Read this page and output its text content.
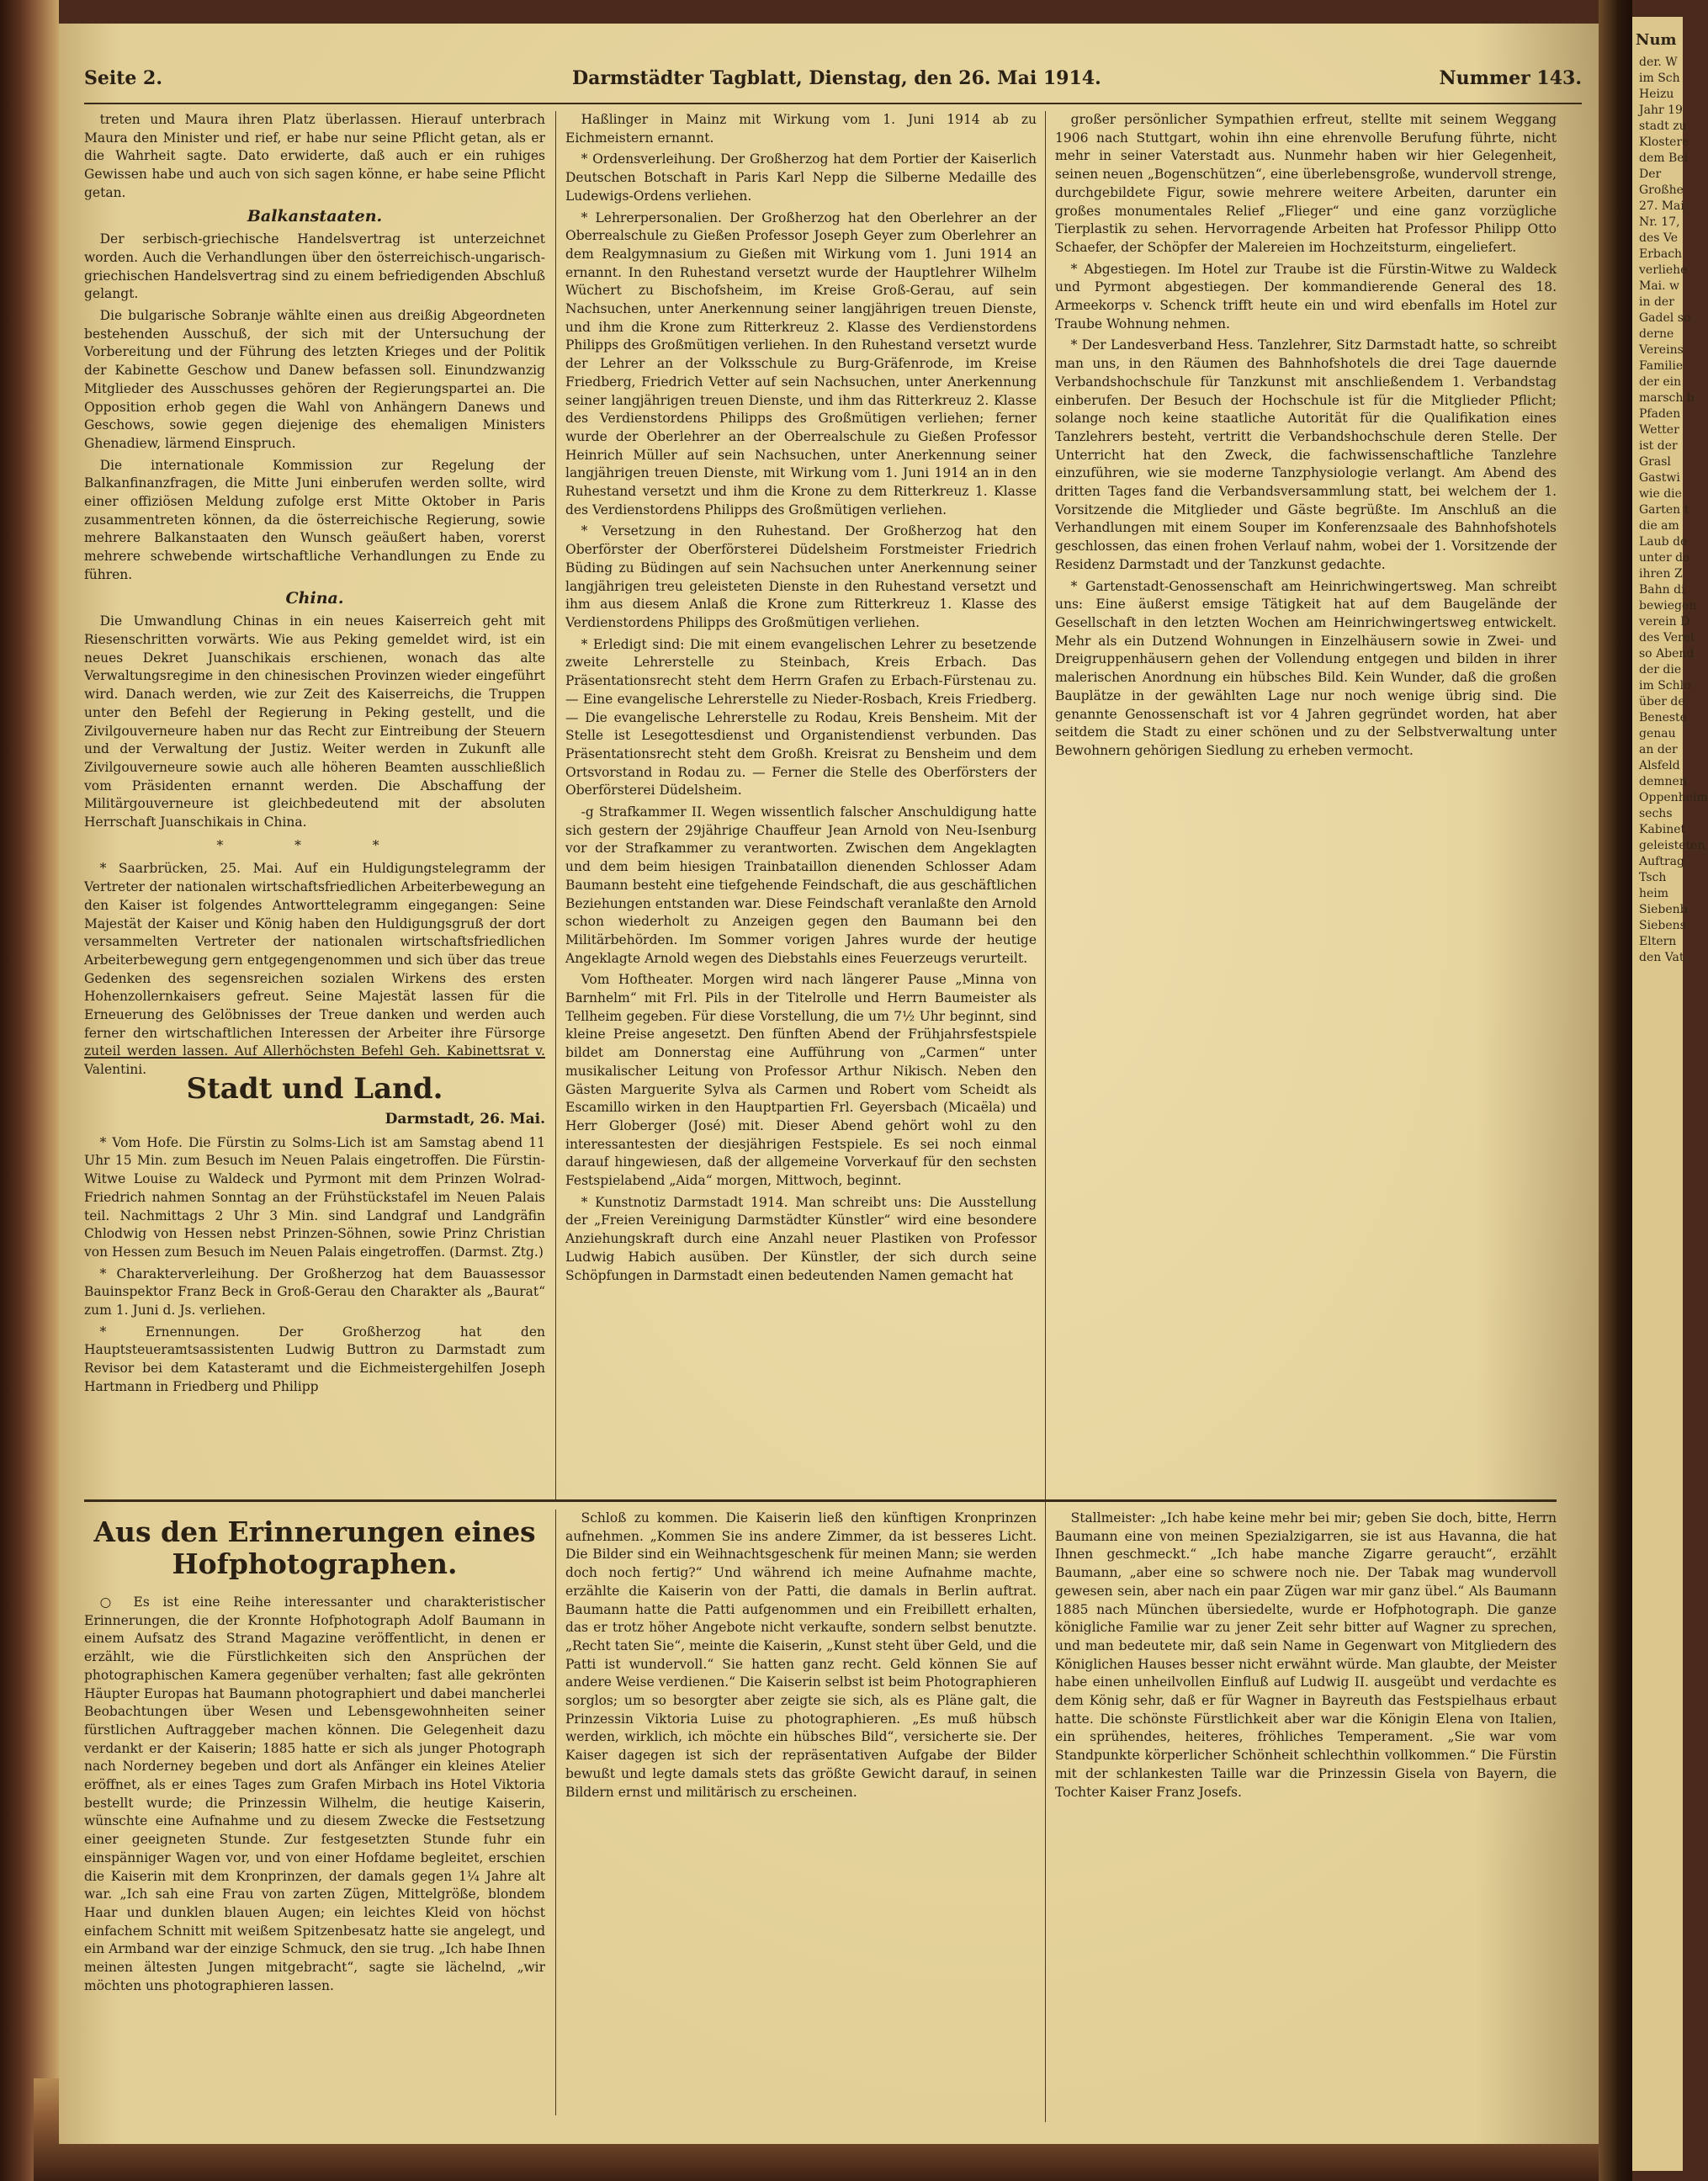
Num
der. W
im Sch
Heizu
Jahr 19
stadt zu
Klostere
dem Bei
Der
Großhe
27. Mai
Nr. 17,
des Ve
Erbach
verliehe
Mai. w
in der
Gadel so
derne
Vereins
Familie
der ein
marsch b
Pfaden
Wetter
ist der
Grasl
Gastwi
wie die
Garten t
die am
Laub de
unter de
ihren Z
Bahn di
bewiegen
verein D
des Verei
so Abend
der die
im Schlo
über de
Beneste
genau
an der
Alsfeld
demnen
Oppenheim
sechs
Kabinet
geleisteten
Auftrag
Tsch
heim
Siebenb
Siebens
Eltern
den Vat
Seite 2.	Darmstädter Tagblatt, Dienstag, den 26. Mai 1914.	Nummer 143.

treten und Maura ihren Platz überlassen. Hierauf unterbrach Maura den Minister und rief, er habe nur seine Pflicht getan, als er die Wahrheit sagte. Dato erwiderte, daß auch er ein ruhiges Gewissen habe und auch von sich sagen könne, er habe seine Pflicht getan.

Balkanstaaten.

Der serbisch-griechische Handelsvertrag ist unterzeichnet worden. Auch die Verhandlungen über den österreichisch-ungarisch-griechischen Handelsvertrag sind zu einem befriedigenden Abschluß gelangt.

Die bulgarische Sobranje wählte einen aus dreißig Abgeordneten bestehenden Ausschuß, der sich mit der Untersuchung der Vorbereitung und der Führung des letzten Krieges und der Politik der Kabinette Geschow und Danew befassen soll. Einundzwanzig Mitglieder des Ausschusses gehören der Regierungspartei an. Die Opposition erhob gegen die Wahl von Anhängern Danews und Geschows, sowie gegen diejenige des ehemaligen Ministers Ghenadiew, lärmend Einspruch.

Die internationale Kommission zur Regelung der Balkanfinanzfragen, die Mitte Juni einberufen werden sollte, wird einer offiziösen Meldung zufolge erst Mitte Oktober in Paris zusammentreten können, da die österreichische Regierung, sowie mehrere Balkanstaaten den Wunsch geäußert haben, vorerst mehrere schwebende wirtschaftliche Verhandlungen zu Ende zu führen.

China.

Die Umwandlung Chinas in ein neues Kaiserreich geht mit Riesenschritten vorwärts. Wie aus Peking gemeldet wird, ist ein neues Dekret Juanschikais erschienen, wonach das alte Verwaltungsregime in den chinesischen Provinzen wieder eingeführt wird. Danach werden, wie zur Zeit des Kaiserreichs, die Truppen unter den Befehl der Regierung in Peking gestellt, und die Zivilgouverneure haben nur das Recht zur Eintreibung der Steuern und der Verwaltung der Justiz. Weiter werden in Zukunft alle Zivilgouverneure sowie auch alle höheren Beamten ausschließlich vom Präsidenten ernannt werden. Die Abschaffung der Militärgouverneure ist gleichbedeutend mit der absoluten Herrschaft Juanschikais in China.

* * *

* Saarbrücken, 25. Mai. Auf ein Huldigungstelegramm der Vertreter der nationalen wirtschaftsfriedlichen Arbeiterbewegung an den Kaiser ist folgendes Antworttelegramm eingegangen: Seine Majestät der Kaiser und König haben den Huldigungsgruß der dort versammelten Vertreter der nationalen wirtschaftsfriedlichen Arbeiterbewegung gern entgegengenommen und sich über das treue Gedenken des segensreichen sozialen Wirkens des ersten Hohenzollernkaisers gefreut. Seine Majestät lassen für die Erneuerung des Gelöbnisses der Treue danken und werden auch ferner den wirtschaftlichen Interessen der Arbeiter ihre Fürsorge zuteil werden lassen. Auf Allerhöchsten Befehl Geh. Kabinettsrat v. Valentini.

Stadt und Land.
Darmstadt, 26. Mai.

* Vom Hofe. Die Fürstin zu Solms-Lich ist am Samstag abend 11 Uhr 15 Min. zum Besuch im Neuen Palais eingetroffen. Die Fürstin-Witwe Louise zu Waldeck und Pyrmont mit dem Prinzen Wolrad-Friedrich nahmen Sonntag an der Frühstückstafel im Neuen Palais teil. Nachmittags 2 Uhr 3 Min. sind Landgraf und Landgräfin Chlodwig von Hessen nebst Prinzen-Söhnen, sowie Prinz Christian von Hessen zum Besuch im Neuen Palais eingetroffen. (Darmst. Ztg.)

* Charakterverleihung. Der Großherzog hat dem Bauassessor Bauinspektor Franz Beck in Groß-Gerau den Charakter als „Baurat“ zum 1. Juni d. Js. verliehen.

* Ernennungen. Der Großherzog hat den Hauptsteueramtsassistenten Ludwig Buttron zu Darmstadt zum Revisor bei dem Katasteramt und die Eichmeistergehilfen Joseph Hartmann in Friedberg und Philipp

Haßlinger in Mainz mit Wirkung vom 1. Juni 1914 ab zu Eichmeistern ernannt.

* Ordensverleihung. Der Großherzog hat dem Portier der Kaiserlich Deutschen Botschaft in Paris Karl Nepp die Silberne Medaille des Ludewigs-Ordens verliehen.

* Lehrerpersonalien. Der Großherzog hat den Oberlehrer an der Oberrealschule zu Gießen Professor Joseph Geyer zum Oberlehrer an dem Realgymnasium zu Gießen mit Wirkung vom 1. Juni 1914 an ernannt. In den Ruhestand versetzt wurde der Hauptlehrer Wilhelm Wüchert zu Bischofsheim, im Kreise Groß-Gerau, auf sein Nachsuchen, unter Anerkennung seiner langjährigen treuen Dienste, und ihm die Krone zum Ritterkreuz 2. Klasse des Verdienstordens Philipps des Großmütigen verliehen. In den Ruhestand versetzt wurde der Lehrer an der Volksschule zu Burg-Gräfenrode, im Kreise Friedberg, Friedrich Vetter auf sein Nachsuchen, unter Anerkennung seiner langjährigen treuen Dienste, und ihm das Ritterkreuz 2. Klasse des Verdienstordens Philipps des Großmütigen verliehen; ferner wurde der Oberlehrer an der Oberrealschule zu Gießen Professor Heinrich Müller auf sein Nachsuchen, unter Anerkennung seiner langjährigen treuen Dienste, mit Wirkung vom 1. Juni 1914 an in den Ruhestand versetzt und ihm die Krone zu dem Ritterkreuz 1. Klasse des Verdienstordens Philipps des Großmütigen verliehen.

* Versetzung in den Ruhestand. Der Großherzog hat den Oberförster der Oberförsterei Düdelsheim Forstmeister Friedrich Büding zu Büdingen auf sein Nachsuchen unter Anerkennung seiner langjährigen treu geleisteten Dienste in den Ruhestand versetzt und ihm aus diesem Anlaß die Krone zum Ritterkreuz 1. Klasse des Verdienstordens Philipps des Großmütigen verliehen.

* Erledigt sind: Die mit einem evangelischen Lehrer zu besetzende zweite Lehrerstelle zu Steinbach, Kreis Erbach. Das Präsentationsrecht steht dem Herrn Grafen zu Erbach-Fürstenau zu. — Eine evangelische Lehrerstelle zu Nieder-Rosbach, Kreis Friedberg. — Die evangelische Lehrerstelle zu Rodau, Kreis Bensheim. Mit der Stelle ist Lesegottesdienst und Organistendienst verbunden. Das Präsentationsrecht steht dem Großh. Kreisrat zu Bensheim und dem Ortsvorstand in Rodau zu. — Ferner die Stelle des Oberförsters der Oberförsterei Düdelsheim.

-g Strafkammer II. Wegen wissentlich falscher Anschuldigung hatte sich gestern der 29jährige Chauffeur Jean Arnold von Neu-Isenburg vor der Strafkammer zu verantworten. Zwischen dem Angeklagten und dem beim hiesigen Trainbataillon dienenden Schlosser Adam Baumann besteht eine tiefgehende Feindschaft, die aus geschäftlichen Beziehungen entstanden war. Diese Feindschaft veranlaßte den Arnold schon wiederholt zu Anzeigen gegen den Baumann bei den Militärbehörden. Im Sommer vorigen Jahres wurde der heutige Angeklagte Arnold wegen des Diebstahls eines Feuerzeugs verurteilt.

Vom Hoftheater. Morgen wird nach längerer Pause „Minna von Barnhelm“ mit Frl. Pils in der Titelrolle und Herrn Baumeister als Tellheim gegeben. Für diese Vorstellung, die um 7½ Uhr beginnt, sind kleine Preise angesetzt. Den fünften Abend der Frühjahrsfestspiele bildet am Donnerstag eine Aufführung von „Carmen“ unter musikalischer Leitung von Professor Arthur Nikisch. Neben den Gästen Marguerite Sylva als Carmen und Robert vom Scheidt als Escamillo wirken in den Hauptpartien Frl. Geyersbach (Micaëla) und Herr Globerger (José) mit. Dieser Abend gehört wohl zu den interessantesten der diesjährigen Festspiele. Es sei noch einmal darauf hingewiesen, daß der allgemeine Vorverkauf für den sechsten Festspielabend „Aida“ morgen, Mittwoch, beginnt.

* Kunstnotiz Darmstadt 1914. Man schreibt uns: Die Ausstellung der „Freien Vereinigung Darmstädter Künstler“ wird eine besondere Anziehungskraft durch eine Anzahl neuer Plastiken von Professor Ludwig Habich ausüben. Der Künstler, der sich durch seine Schöpfungen in Darmstadt einen bedeutenden Namen gemacht hat

großer persönlicher Sympathien erfreut, stellte mit seinem Weggang 1906 nach Stuttgart, wohin ihn eine ehrenvolle Berufung führte, nicht mehr in seiner Vaterstadt aus. Nunmehr haben wir hier Gelegenheit, seinen neuen „Bogenschützen“, eine überlebensgroße, wundervoll strenge, durchgebildete Figur, sowie mehrere weitere Arbeiten, darunter ein großes monumentales Relief „Flieger“ und eine ganz vorzügliche Tierplastik zu sehen. Hervorragende Arbeiten hat Professor Philipp Otto Schaefer, der Schöpfer der Malereien im Hochzeitsturm, eingeliefert.

* Abgestiegen. Im Hotel zur Traube ist die Fürstin-Witwe zu Waldeck und Pyrmont abgestiegen. Der kommandierende General des 18. Armeekorps v. Schenck trifft heute ein und wird ebenfalls im Hotel zur Traube Wohnung nehmen.

* Der Landesverband Hess. Tanzlehrer, Sitz Darmstadt hatte, so schreibt man uns, in den Räumen des Bahnhofshotels die drei Tage dauernde Verbandshochschule für Tanzkunst mit anschließendem 1. Verbandstag einberufen. Der Besuch der Hochschule ist für die Mitglieder Pflicht; solange noch keine staatliche Autorität für die Qualifikation eines Tanzlehrers besteht, vertritt die Verbandshochschule deren Stelle. Der Unterricht hat den Zweck, die fachwissenschaftliche Tanzlehre einzuführen, wie sie moderne Tanzphysiologie verlangt. Am Abend des dritten Tages fand die Verbandsversammlung statt, bei welchem der 1. Vorsitzende die Mitglieder und Gäste begrüßte. Im Anschluß an die Verhandlungen mit einem Souper im Konferenzsaale des Bahnhofshotels geschlossen, das einen frohen Verlauf nahm, wobei der 1. Vorsitzende der Residenz Darmstadt und der Tanzkunst gedachte.

* Gartenstadt-Genossenschaft am Heinrichwingertsweg. Man schreibt uns: Eine äußerst emsige Tätigkeit hat auf dem Baugelände der Gesellschaft in den letzten Wochen am Heinrichwingertsweg entwickelt. Mehr als ein Dutzend Wohnungen in Einzelhäusern sowie in Zwei- und Dreigruppenhäusern gehen der Vollendung entgegen und bilden in ihrer malerischen Anordnung ein hübsches Bild. Kein Wunder, daß die großen Bauplätze in der gewählten Lage nur noch wenige übrig sind. Die genannte Genossenschaft ist vor 4 Jahren gegründet worden, hat aber seitdem die Stadt zu einer schönen und zu der Selbstverwaltung unter Bewohnern gehörigen Siedlung zu erheben vermocht.

Aus den Erinnerungen eines Hofphotographen.

○ Es ist eine Reihe interessanter und charakteristischer Erinnerungen, die der Kronnte Hofphotograph Adolf Baumann in einem Aufsatz des Strand Magazine veröffentlicht, in denen er erzählt, wie die Fürstlichkeiten sich den Ansprüchen der photographischen Kamera gegenüber verhalten; fast alle gekrönten Häupter Europas hat Baumann photographiert und dabei mancherlei Beobachtungen über Wesen und Lebensgewohnheiten seiner fürstlichen Auftraggeber machen können. Die Gelegenheit dazu verdankt er der Kaiserin; 1885 hatte er sich als junger Photograph nach Norderney begeben und dort als Anfänger ein kleines Atelier eröffnet, als er eines Tages zum Grafen Mirbach ins Hotel Viktoria bestellt wurde; die Prinzessin Wilhelm, die heutige Kaiserin, wünschte eine Aufnahme und zu diesem Zwecke die Festsetzung einer geeigneten Stunde. Zur festgesetzten Stunde fuhr ein einspänniger Wagen vor, und von einer Hofdame begleitet, erschien die Kaiserin mit dem Kronprinzen, der damals gegen 1¼ Jahre alt war. „Ich sah eine Frau von zarten Zügen, Mittelgröße, blondem Haar und dunklen blauen Augen; ein leichtes Kleid von höchst einfachem Schnitt mit weißem Spitzenbesatz hatte sie angelegt, und ein Armband war der einzige Schmuck, den sie trug. „Ich habe Ihnen meinen ältesten Jungen mitgebracht“, sagte sie lächelnd, „wir möchten uns photographieren lassen.

Schloß zu kommen. Die Kaiserin ließ den künftigen Kronprinzen aufnehmen. „Kommen Sie ins andere Zimmer, da ist besseres Licht. Die Bilder sind ein Weihnachtsgeschenk für meinen Mann; sie werden doch noch fertig?“ Und während ich meine Aufnahme machte, erzählte die Kaiserin von der Patti, die damals in Berlin auftrat. Baumann hatte die Patti aufgenommen und ein Freibillett erhalten, das er trotz höher Angebote nicht verkaufte, sondern selbst benutzte. „Recht taten Sie“, meinte die Kaiserin, „Kunst steht über Geld, und die Patti ist wundervoll.“ Sie hatten ganz recht. Geld können Sie auf andere Weise verdienen.“ Die Kaiserin selbst ist beim Photographieren sorglos; um so besorgter aber zeigte sie sich, als es Pläne galt, die Prinzessin Viktoria Luise zu photographieren. „Es muß hübsch werden, wirklich, ich möchte ein hübsches Bild“, versicherte sie. Der Kaiser dagegen ist sich der repräsentativen Aufgabe der Bilder bewußt und legte damals stets das größte Gewicht darauf, in seinen Bildern ernst und militärisch zu erscheinen.

Stallmeister: „Ich habe keine mehr bei mir; geben Sie doch, bitte, Herrn Baumann eine von meinen Spezialzigarren, sie ist aus Havanna, die hat Ihnen geschmeckt.“ „Ich habe manche Zigarre geraucht“, erzählt Baumann, „aber eine so schwere noch nie. Der Tabak mag wundervoll gewesen sein, aber nach ein paar Zügen war mir ganz übel.“ Als Baumann 1885 nach München übersiedelte, wurde er Hofphotograph. Die ganze königliche Familie war zu jener Zeit sehr bitter auf Wagner zu sprechen, und man bedeutete mir, daß sein Name in Gegenwart von Mitgliedern des Königlichen Hauses besser nicht erwähnt würde. Man glaubte, der Meister habe einen unheilvollen Einfluß auf Ludwig II. ausgeübt und verdachte es dem König sehr, daß er für Wagner in Bayreuth das Festspielhaus erbaut hatte. Die schönste Fürstlichkeit aber war die Königin Elena von Italien, ein sprühendes, heiteres, fröhliches Temperament. „Sie war vom Standpunkte körperlicher Schönheit schlechthin vollkommen.“ Die Fürstin mit der schlankesten Taille war die Prinzessin Gisela von Bayern, die Tochter Kaiser Franz Josefs.
